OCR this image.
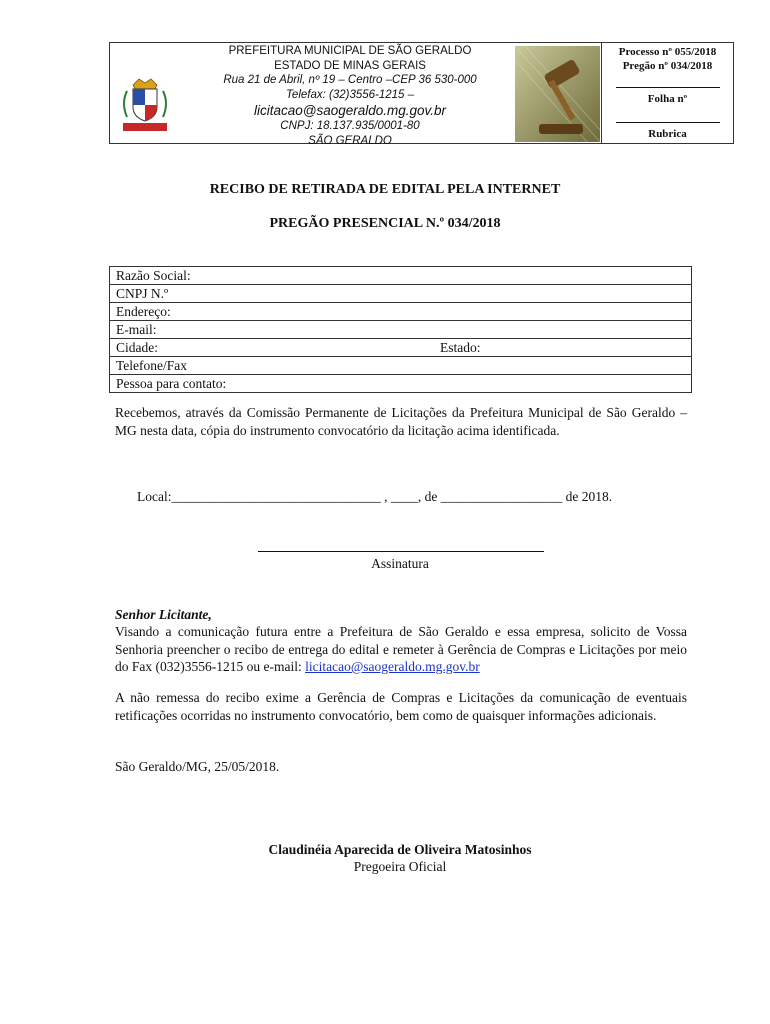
PREFEITURA MUNICIPAL DE SÃO GERALDO
ESTADO DE MINAS GERAIS
Rua 21 de Abril, nº 19 – Centro –CEP 36 530-000
Telefax: (32)3556-1215 –
licitacao@saogeraldo.mg.gov.br
CNPJ: 18.137.935/0001-80
SÃO GERALDO
Processo nº 055/2018
Pregão nº 034/2018
Folha nº
Rubrica
RECIBO DE RETIRADA DE EDITAL PELA INTERNET
PREGÃO PRESENCIAL N.º 034/2018
Razão Social:
CNPJ N.º
Endereço:
E-mail:
Cidade:	Estado:
Telefone/Fax
Pessoa para contato:
Recebemos, através da Comissão Permanente de Licitações da Prefeitura Municipal de São Geraldo – MG nesta data, cópia do instrumento convocatório da licitação acima identificada.
Local:_______________________________ , ____, de __________________ de 2018.
Assinatura
Senhor Licitante,
Visando a comunicação futura entre a Prefeitura de São Geraldo e essa empresa, solicito de Vossa Senhoria preencher o recibo de entrega do edital e remeter à Gerência de Compras e Licitações por meio do Fax (032)3556-1215 ou e-mail: licitacao@saogeraldo.mg.gov.br
A não remessa do recibo exime a Gerência de Compras e Licitações da comunicação de eventuais retificações ocorridas no instrumento convocatório, bem como de quaisquer informações adicionais.
São Geraldo/MG, 25/05/2018.
Claudinéia Aparecida de Oliveira Matosinhos
Pregoeira Oficial
